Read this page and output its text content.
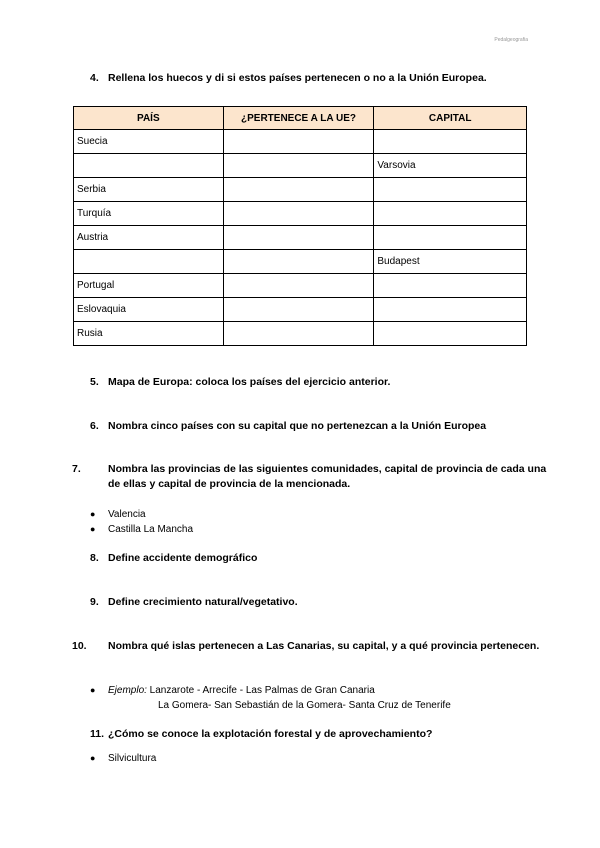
Pedalgeografia
4. Rellena los huecos y di si estos países pertenecen o no a la Unión Europea.
PAÍS	¿PERTENECE A LA UE?	CAPITAL
Suecia		
		Varsovia
Serbia		
Turquía		
Austria		
		Budapest
Portugal		
Eslovaquia		
Rusia		
5. Mapa de Europa: coloca los países del ejercicio anterior.
6. Nombra cinco países con su capital que no pertenezcan a la Unión Europea
7.	Nombra las provincias de las siguientes comunidades, capital de provincia de cada una de ellas y capital de provincia de la mencionada.
● Valencia
● Castilla La Mancha
8. Define accidente demográfico
9. Define crecimiento natural/vegetativo.
10. Nombra qué islas pertenecen a Las Canarias, su capital, y a qué provincia pertenecen.
● Ejemplo: Lanzarote - Arrecife - Las Palmas de Gran Canaria
La Gomera- San Sebastián de la Gomera- Santa Cruz de Tenerife
11. ¿Cómo se conoce la explotación forestal y de aprovechamiento?
● Silvicultura
